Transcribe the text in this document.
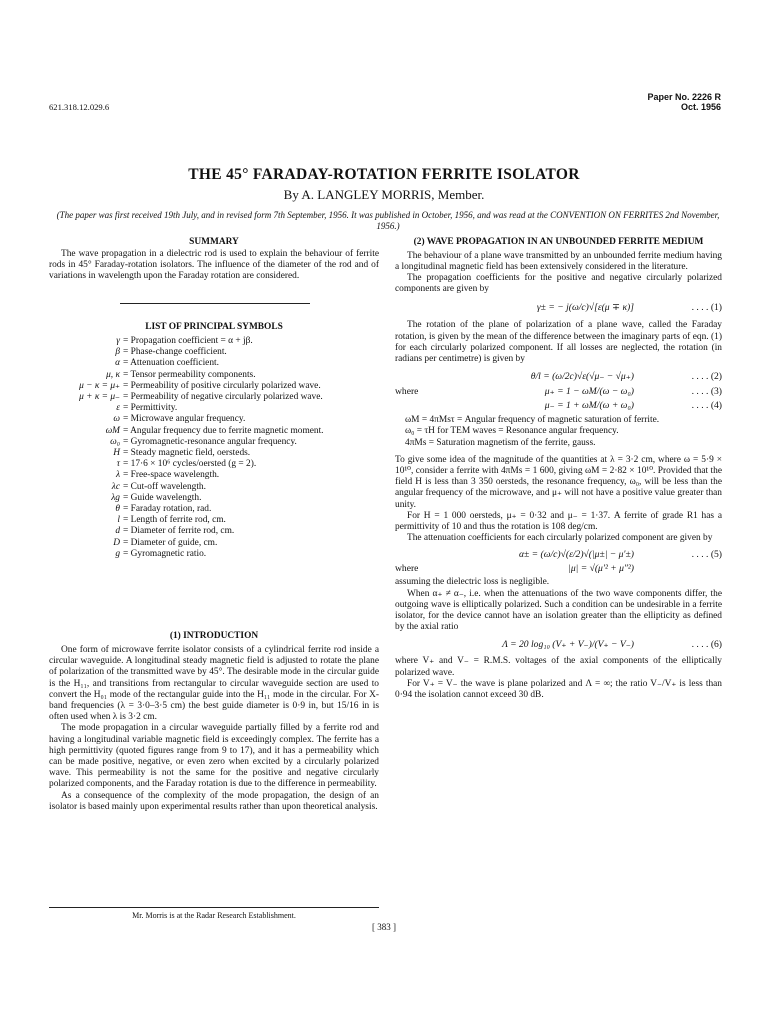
621.318.12.029.6
Paper No. 2226 R
Oct. 1956
THE 45° FARADAY-ROTATION FERRITE ISOLATOR
By A. LANGLEY MORRIS, Member.
(The paper was first received 19th July, and in revised form 7th September, 1956. It was published in October, 1956, and was read at the CONVENTION ON FERRITES 2nd November, 1956.)
SUMMARY

The wave propagation in a dielectric rod is used to explain the behaviour of ferrite rods in 45° Faraday-rotation isolators. The influence of the diameter of the rod and of variations in wavelength upon the Faraday rotation are considered.

LIST OF PRINCIPAL SYMBOLS
γ = Propagation coefficient = α + jβ.
β = Phase-change coefficient.
α = Attenuation coefficient.
μ, κ = Tensor permeability components.
μ − κ = μ₊ = Permeability of positive circularly polarized wave.
μ + κ = μ₋ = Permeability of negative circularly polarized wave.
ε = Permittivity.
ω = Microwave angular frequency.
ωM = Angular frequency due to ferrite magnetic moment.
ω₀ = Gyromagnetic-resonance angular frequency.
H = Steady magnetic field, oersteds.
τ = 17·6 × 10⁶ cycles/oersted (g = 2).
λ = Free-space wavelength.
λc = Cut-off wavelength.
λg = Guide wavelength.
θ = Faraday rotation, rad.
l = Length of ferrite rod, cm.
d = Diameter of ferrite rod, cm.
D = Diameter of guide, cm.
g = Gyromagnetic ratio.
(1) INTRODUCTION

One form of microwave ferrite isolator consists of a cylindrical ferrite rod inside a circular waveguide. A longitudinal steady magnetic field is adjusted to rotate the plane of polarization of the transmitted wave by 45°. The desirable mode in the circular guide is the H₁₁, and transitions from rectangular to circular waveguide section are used to convert the H₀₁ mode of the rectangular guide into the H₁₁ mode in the circular. For X-band frequencies (λ = 3·0–3·5 cm) the best guide diameter is 0·9 in, but 15/16 in is often used when λ is 3·2 cm.

The mode propagation in a circular waveguide partially filled by a ferrite rod and having a longitudinal variable magnetic field is exceedingly complex. The ferrite has a high permittivity (quoted figures range from 9 to 17), and it has a permeability which can be made positive, negative, or even zero when excited by a circularly polarized wave. This permeability is not the same for the positive and negative circularly polarized components, and the Faraday rotation is due to the difference in permeability.

As a consequence of the complexity of the mode propagation, the design of an isolator is based mainly upon experimental results rather than upon theoretical analysis.

Mr. Morris is at the Radar Research Establishment.
[ 383 ]
(2) WAVE PROPAGATION IN AN UNBOUNDED FERRITE MEDIUM

The behaviour of a plane wave transmitted by an unbounded ferrite medium having a longitudinal magnetic field has been extensively considered in the literature.

The propagation coefficients for the positive and negative circularly polarized components are given by

γ± = − j(ω/c)√[ε(μ ∓ κ)]	. . . . (1)

The rotation of the plane of polarization of a plane wave, called the Faraday rotation, is given by the mean of the difference between the imaginary parts of eqn. (1) for each circularly polarized component. If all losses are neglected, the rotation (in radians per centimetre) is given by

θ/l = (ω/2c)√ε(√μ₋ − √μ₊)	. . . . (2)
where	μ₊ = 1 − ωM/(ω − ω₀)	. . . . (3)
μ₋ = 1 + ωM/(ω + ω₀)	. . . . (4)
ωM = 4πMsτ = Angular frequency of magnetic saturation of ferrite.
ω₀ = τH for TEM waves = Resonance angular frequency.
4πMs = Saturation magnetism of the ferrite, gauss.

To give some idea of the magnitude of the quantities at λ = 3·2 cm, where ω = 5·9 × 10¹⁰, consider a ferrite with 4πMs = 1 600, giving ωM = 2·82 × 10¹⁰. Provided that the field H is less than 3 350 oersteds, the resonance frequency, ω₀, will be less than the angular frequency of the microwave, and μ₊ will not have a positive value greater than unity.

For H = 1 000 oersteds, μ₊ = 0·32 and μ₋ = 1·37. A ferrite of grade R1 has a permittivity of 10 and thus the rotation is 108 deg/cm.

The attenuation coefficients for each circularly polarized component are given by

α± = (ω/c)√(ε/2)√(|μ±| − μ′±)	. . . . (5)
where	|μ| = √(μ′² + μ″²)

assuming the dielectric loss is negligible.

When α₊ ≠ α₋, i.e. when the attenuations of the two wave components differ, the outgoing wave is elliptically polarized. Such a condition can be undesirable in a ferrite isolator, for the device cannot have an isolation greater than the ellipticity as defined by the axial ratio

Λ = 20 log₁₀ (V₊ + V₋)/(V₊ − V₋)	. . . . (6)

where V₊ and V₋ = R.M.S. voltages of the axial components of the elliptically polarized wave.

For V₊ = V₋ the wave is plane polarized and Λ = ∞; the ratio V₋/V₊ is less than 0·94 the isolation cannot exceed 30 dB.
